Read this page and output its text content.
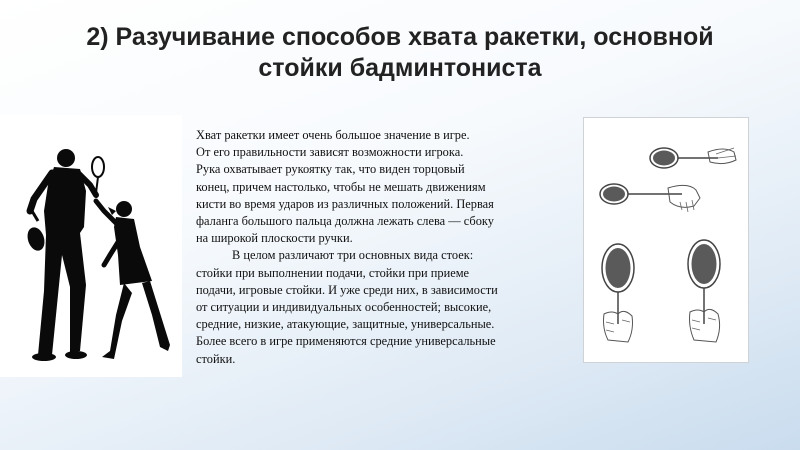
2) Разучивание способов хвата ракетки, основной
стойки бадминтониста

Хват ракетки имеет очень большое значение в игре.
От его правильности зависят возможности игрока.
Рука охватывает рукоятку так, что виден торцовый
конец, причем настолько, чтобы не мешать движениям
кисти во время ударов из различных положений. Первая
фаланга большого пальца должна лежать слева — сбоку
на широкой плоскости ручки.

В целом различают три основных вида стоек:
стойки при выполнении подачи, стойки при приеме
подачи, игровые стойки. И уже среди них, в зависимости
от ситуации и индивидуальных особенностей; высокие,
средние, низкие, атакующие, защитные, универсальные.
Более всего в игре применяются средние универсальные
стойки.
